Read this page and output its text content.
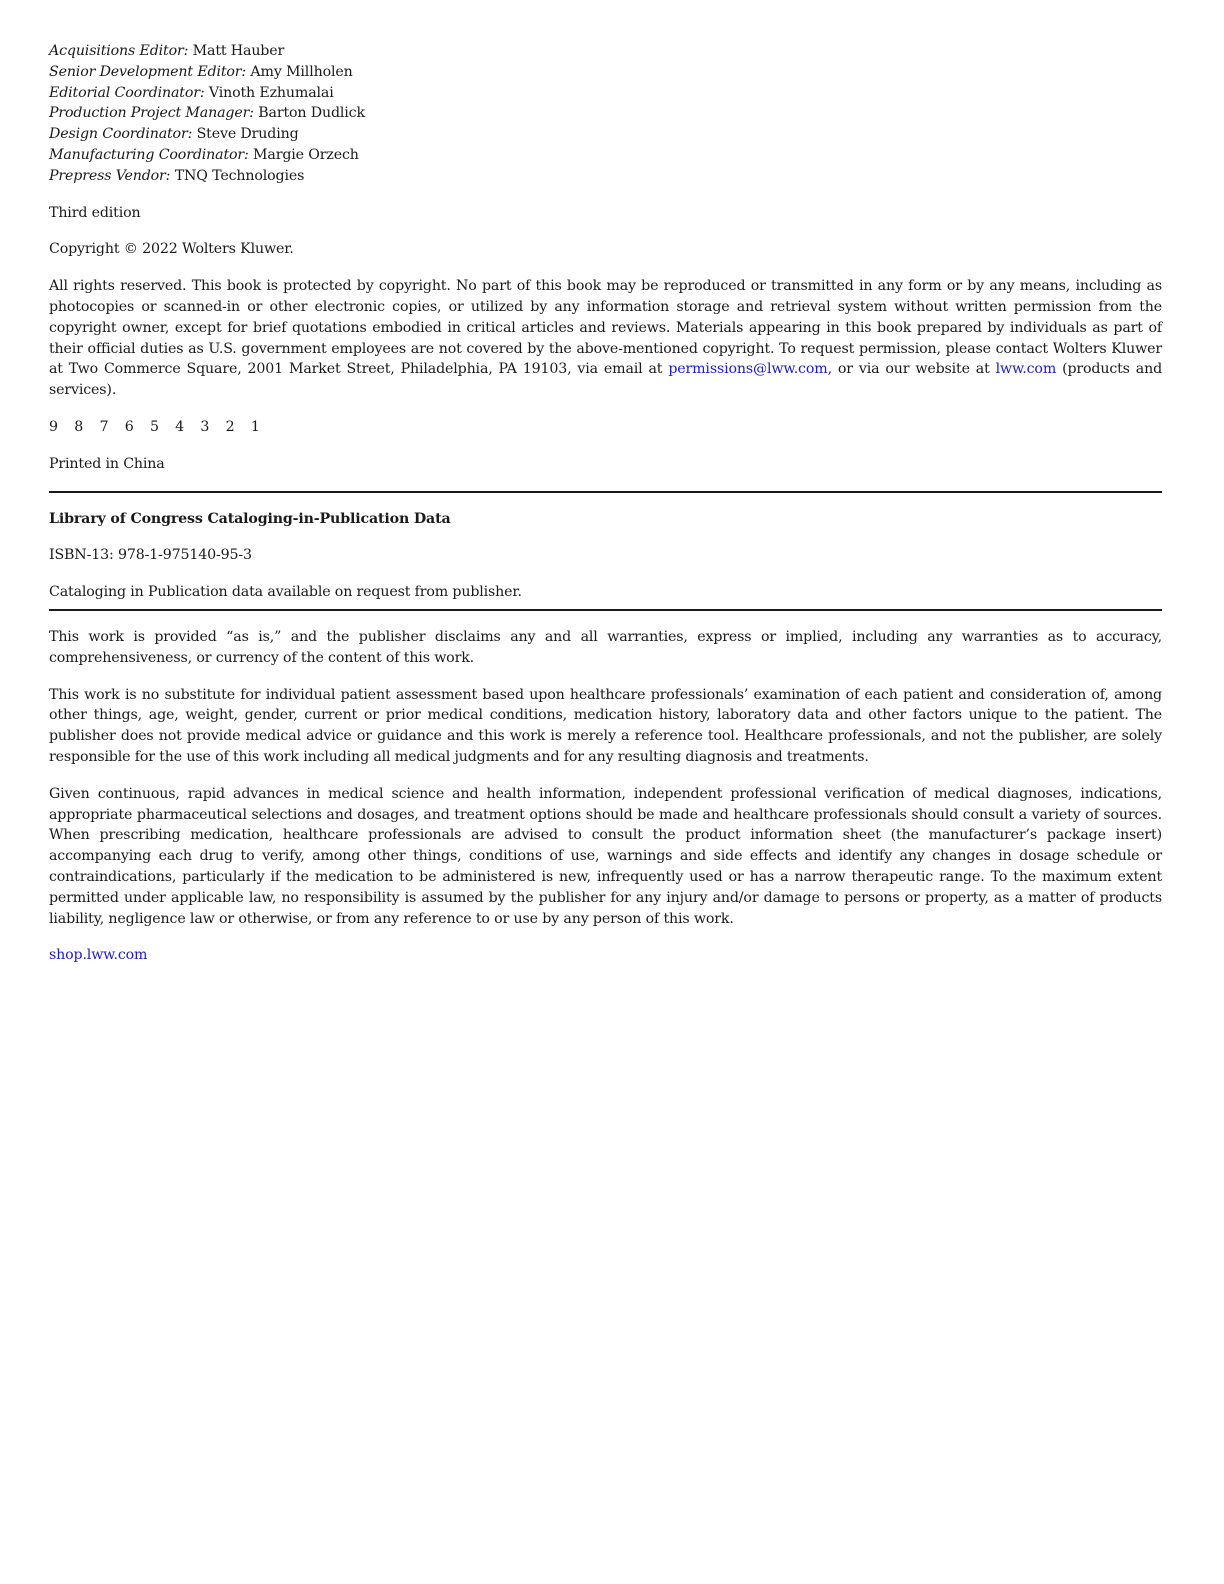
Acquisitions Editor: Matt Hauber
Senior Development Editor: Amy Millholen
Editorial Coordinator: Vinoth Ezhumalai
Production Project Manager: Barton Dudlick
Design Coordinator: Steve Druding
Manufacturing Coordinator: Margie Orzech
Prepress Vendor: TNQ Technologies

Third edition

Copyright © 2022 Wolters Kluwer.

All rights reserved. This book is protected by copyright. No part of this book may be reproduced or transmitted in any form or by any means, including as photocopies or scanned-in or other electronic copies, or utilized by any information storage and retrieval system without written permission from the copyright owner, except for brief quotations embodied in critical articles and reviews. Materials appearing in this book prepared by individuals as part of their official duties as U.S. government employees are not covered by the above-mentioned copyright. To request permission, please contact Wolters Kluwer at Two Commerce Square, 2001 Market Street, Philadelphia, PA 19103, via email at permissions@lww.com, or via our website at lww.com (products and services).

9 8 7 6 5 4 3 2 1

Printed in China

Library of Congress Cataloging-in-Publication Data

ISBN-13: 978-1-975140-95-3

Cataloging in Publication data available on request from publisher.

This work is provided “as is,” and the publisher disclaims any and all warranties, express or implied, including any warranties as to accuracy, comprehensiveness, or currency of the content of this work.

This work is no substitute for individual patient assessment based upon healthcare professionals’ examination of each patient and consideration of, among other things, age, weight, gender, current or prior medical conditions, medication history, laboratory data and other factors unique to the patient. The publisher does not provide medical advice or guidance and this work is merely a reference tool. Healthcare professionals, and not the publisher, are solely responsible for the use of this work including all medical judgments and for any resulting diagnosis and treatments.

Given continuous, rapid advances in medical science and health information, independent professional verification of medical diagnoses, indications, appropriate pharmaceutical selections and dosages, and treatment options should be made and healthcare professionals should consult a variety of sources. When prescribing medication, healthcare professionals are advised to consult the product information sheet (the manufacturer’s package insert) accompanying each drug to verify, among other things, conditions of use, warnings and side effects and identify any changes in dosage schedule or contraindications, particularly if the medication to be administered is new, infrequently used or has a narrow therapeutic range. To the maximum extent permitted under applicable law, no responsibility is assumed by the publisher for any injury and/or damage to persons or property, as a matter of products liability, negligence law or otherwise, or from any reference to or use by any person of this work.

shop.lww.com
